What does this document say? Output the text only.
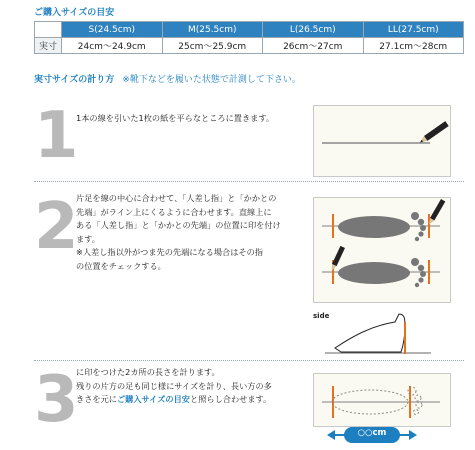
ご購入サイズの目安
	S(24.5cm)	M(25.5cm)	L(26.5cm)	LL(27.5cm)
実寸	24cm〜24.9cm	25cm〜25.9cm	26cm〜27cm	27.1cm〜28cm
実寸サイズの計り方 ※靴下などを履いた状態で計測して下さい。
1
1本の線を引いた1枚の紙を平らなところに置きます。
2
片足を線の中心に合わせて、「人差し指」と「かかとの
先端」がライン上にくるように合わせます。直線上に
ある「人差し指」と「かかとの先端」の位置に印を付け
ます。
※人差し指以外がつま先の先端になる場合はその指
の位置をチェックする。
side
3
に印をつけた2カ所の長さを計ります。
残りの片方の足も同じ様にサイズを計り、長い方の多
きさを元にご購入サイズの目安と照らし合わせます。
○○cm
